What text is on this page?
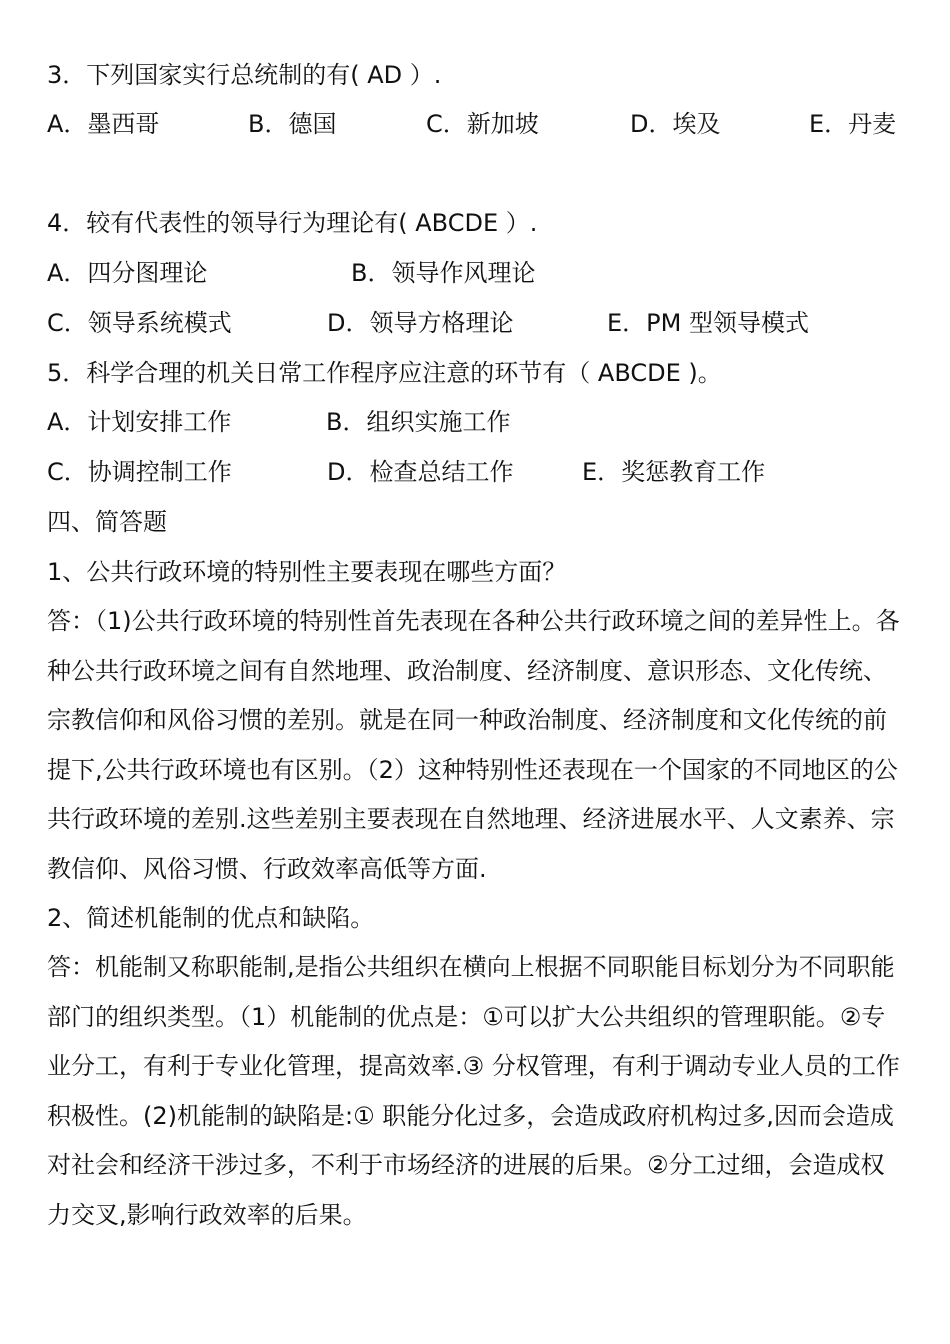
3．下列国家实行总统制的有( AD ）.
A．墨西哥	B．德国	C．新加坡	D．埃及	E．丹麦
4．较有代表性的领导行为理论有( ABCDE ）.
A．四分图理论	B．领导作风理论
C．领导系统模式	D．领导方格理论	E．PM 型领导模式
5．科学合理的机关日常工作程序应注意的环节有（ ABCDE )。
A．计划安排工作	B．组织实施工作
C．协调控制工作	D．检查总结工作	E．奖惩教育工作
四、简答题
1、公共行政环境的特别性主要表现在哪些方面？

答：（1)公共行政环境的特别性首先表现在各种公共行政环境之间的差异性上。各种公共行政环境之间有自然地理、政治制度、经济制度、意识形态、文化传统、宗教信仰和风俗习惯的差别。就是在同一种政治制度、经济制度和文化传统的前提下,公共行政环境也有区别。（2）这种特别性还表现在一个国家的不同地区的公共行政环境的差别.这些差别主要表现在自然地理、经济进展水平、人文素养、宗教信仰、风俗习惯、行政效率高低等方面.

2、简述机能制的优点和缺陷。

答：机能制又称职能制,是指公共组织在横向上根据不同职能目标划分为不同职能部门的组织类型。（1）机能制的优点是：①可以扩大公共组织的管理职能。②专业分工，有利于专业化管理，提高效率.③ 分权管理，有利于调动专业人员的工作积极性。(2)机能制的缺陷是:① 职能分化过多，会造成政府机构过多,因而会造成对社会和经济干涉过多，不利于市场经济的进展的后果。②分工过细，会造成权力交叉,影响行政效率的后果。
